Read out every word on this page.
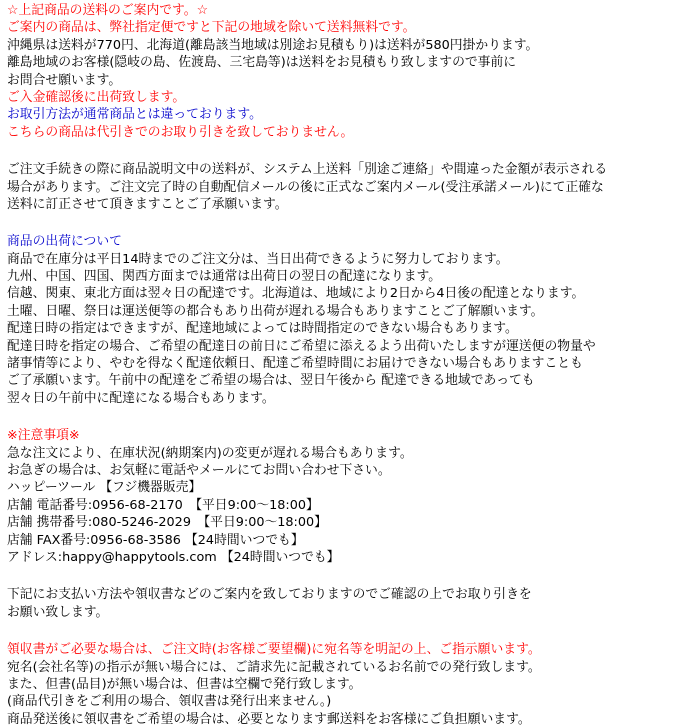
☆上記商品の送料のご案内です。☆
ご案内の商品は、弊社指定便ですと下記の地域を除いて送料無料です。
沖縄県は送料が770円、北海道(離島該当地域は別途お見積もり)は送料が580円掛かります。
離島地域のお客様(隠岐の島、佐渡島、三宅島等)は送料をお見積もり致しますので事前に
お問合せ願います。
ご入金確認後に出荷致します。
お取引方法が通常商品とは違っております。
こちらの商品は代引きでのお取り引きを致しておりません。
ご注文手続きの際に商品説明文中の送料が、システム上送料「別途ご連絡」や間違った金額が表示される
場合があります。ご注文完了時の自動配信メールの後に正式なご案内メール(受注承諾メール)にて正確な
送料に訂正させて頂きますことご了承願います。
商品の出荷について
商品で在庫分は平日14時までのご注文分は、当日出荷できるように努力しております。
九州、中国、四国、関西方面までは通常は出荷日の翌日の配達になります。
信越、関東、東北方面は翌々日の配達です。北海道は、地域により2日から4日後の配達となります。
土曜、日曜、祭日は運送便等の都合もあり出荷が遅れる場合もありますことご了解願います。
配達日時の指定はできますが、配達地域によっては時間指定のできない場合もあります。
配達日時を指定の場合、ご希望の配達日の前日にご希望に添えるよう出荷いたしますが運送便の物量や
諸事情等により、やむを得なく配達依頼日、配達ご希望時間にお届けできない場合もありますことも
ご了承願います。午前中の配達をご希望の場合は、翌日午後から 配達できる地域であっても
翌々日の午前中に配達になる場合もあります。
※注意事項※
急な注文により、在庫状況(納期案内)の変更が遅れる場合もあります。
お急ぎの場合は、お気軽に電話やメールにてお問い合わせ下さい。
ハッピーツール 【フジ機器販売】
店舗 電話番号:0956-68-2170　【平日9:00～18:00】
店舗 携帯番号:080-5246-2029　【平日9:00～18:00】
店舗 FAX番号:0956-68-3586 【24時間いつでも】
アドレス:happy@happytools.com 【24時間いつでも】
下記にお支払い方法や領収書などのご案内を致しておりますのでご確認の上でお取り引きを
お願い致します。
領収書がご必要な場合は、ご注文時(お客様ご要望欄)に宛名等を明記の上、ご指示願います。
宛名(会社名等)の指示が無い場合には、ご請求先に記載されているお名前での発行致します。
また、但書(品目)が無い場合は、但書は空欄で発行致します。
(商品代引きをご利用の場合、領収書は発行出来ません。)
商品発送後に領収書をご希望の場合は、必要となります郵送料をお客様にご負担願います。
